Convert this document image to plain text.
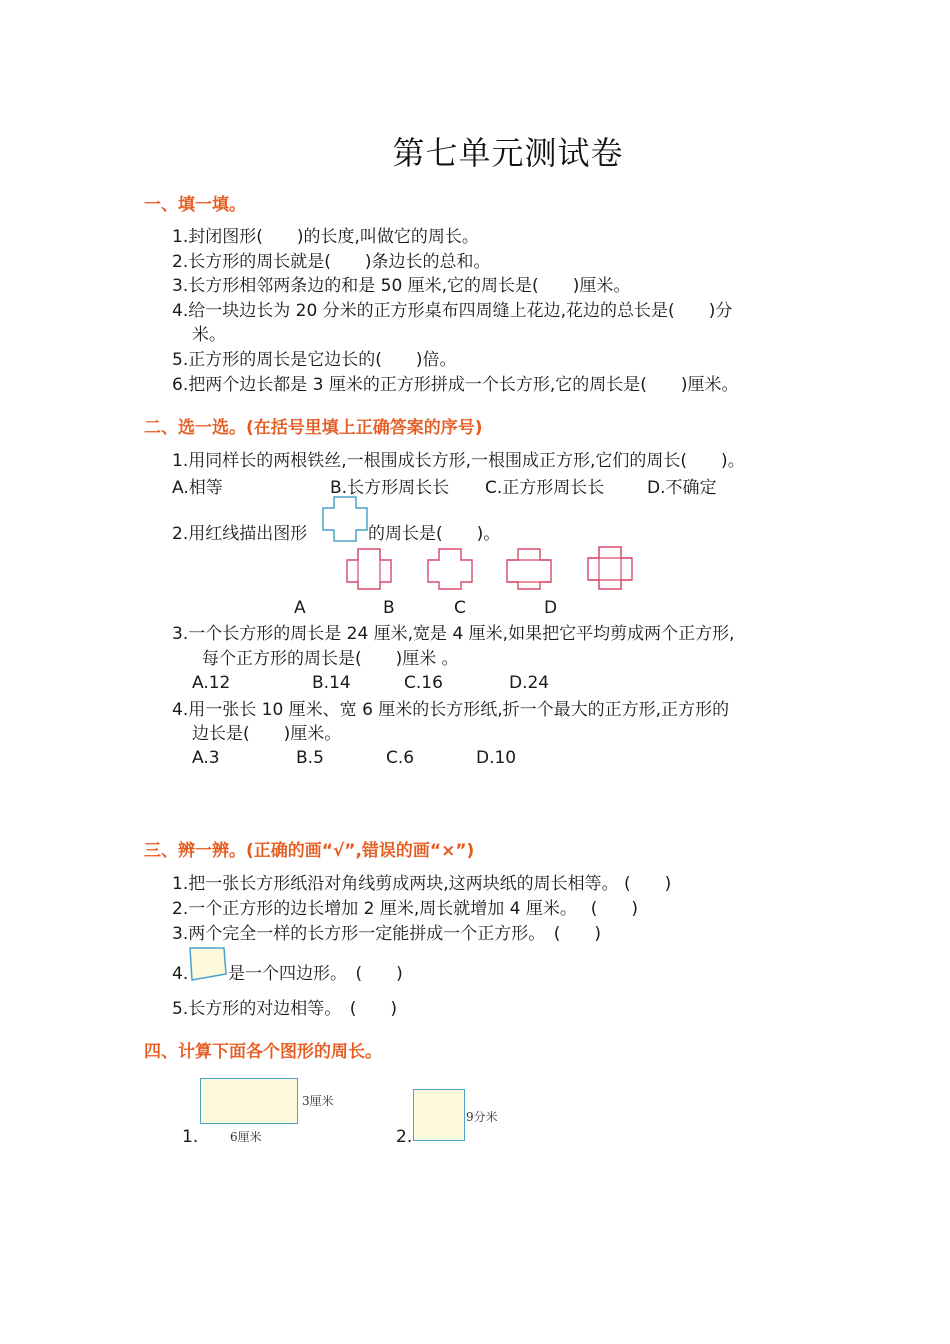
第七单元测试卷
一、填一填。
1.封闭图形(　　)的长度,叫做它的周长。
2.长方形的周长就是(　　)条边长的总和。
3.长方形相邻两条边的和是 50 厘米,它的周长是(　　)厘米。
4.给一块边长为 20 分米的正方形桌布四周缝上花边,花边的总长是(　　)分
米。
5.正方形的周长是它边长的(　　)倍。
6.把两个边长都是 3 厘米的正方形拼成一个长方形,它的周长是(　　)厘米。
二、选一选。(在括号里填上正确答案的序号)
1.用同样长的两根铁丝,一根围成长方形,一根围成正方形,它们的周长(　　)。
A.相等	B.长方形周长长 C.正方形周长长	D.不确定
2.用红线描出图形	的周长是(　　)。
A	B	C	D
3.一个长方形的周长是 24 厘米,宽是 4 厘米,如果把它平均剪成两个正方形,
每个正方形的周长是(　　)厘米 。
A.12	B.14	C.16	D.24
4.用一张长 10 厘米、宽 6 厘米的长方形纸,折一个最大的正方形,正方形的
边长是(　　)厘米。
A.3	B.5	C.6	D.10
三、辨一辨。(正确的画“√”,错误的画“×”)
1.把一张长方形纸沿对角线剪成两块,这两块纸的周长相等。 (　　)
2.一个正方形的边长增加 2 厘米,周长就增加 4 厘米。　 (　　)
3.两个完全一样的长方形一定能拼成一个正方形。　(　　)
4. 是一个四边形。　(　　)
5.长方形的对边相等。　(　　)
四、计算下面各个图形的周长。
3厘米
6厘米
1.
9分米
2.
